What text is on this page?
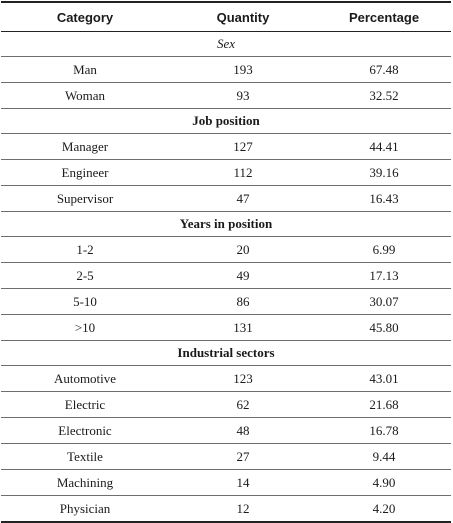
Category	Quantity	Percentage
Sex		
Man	193	67.48
Woman	93	32.52
Job position		
Manager	127	44.41
Engineer	112	39.16
Supervisor	47	16.43
Years in position		
1-2	20	6.99
2-5	49	17.13
5-10	86	30.07
>10	131	45.80
Industrial sectors		
Automotive	123	43.01
Electric	62	21.68
Electronic	48	16.78
Textile	27	9.44
Machining	14	4.90
Physician	12	4.20
